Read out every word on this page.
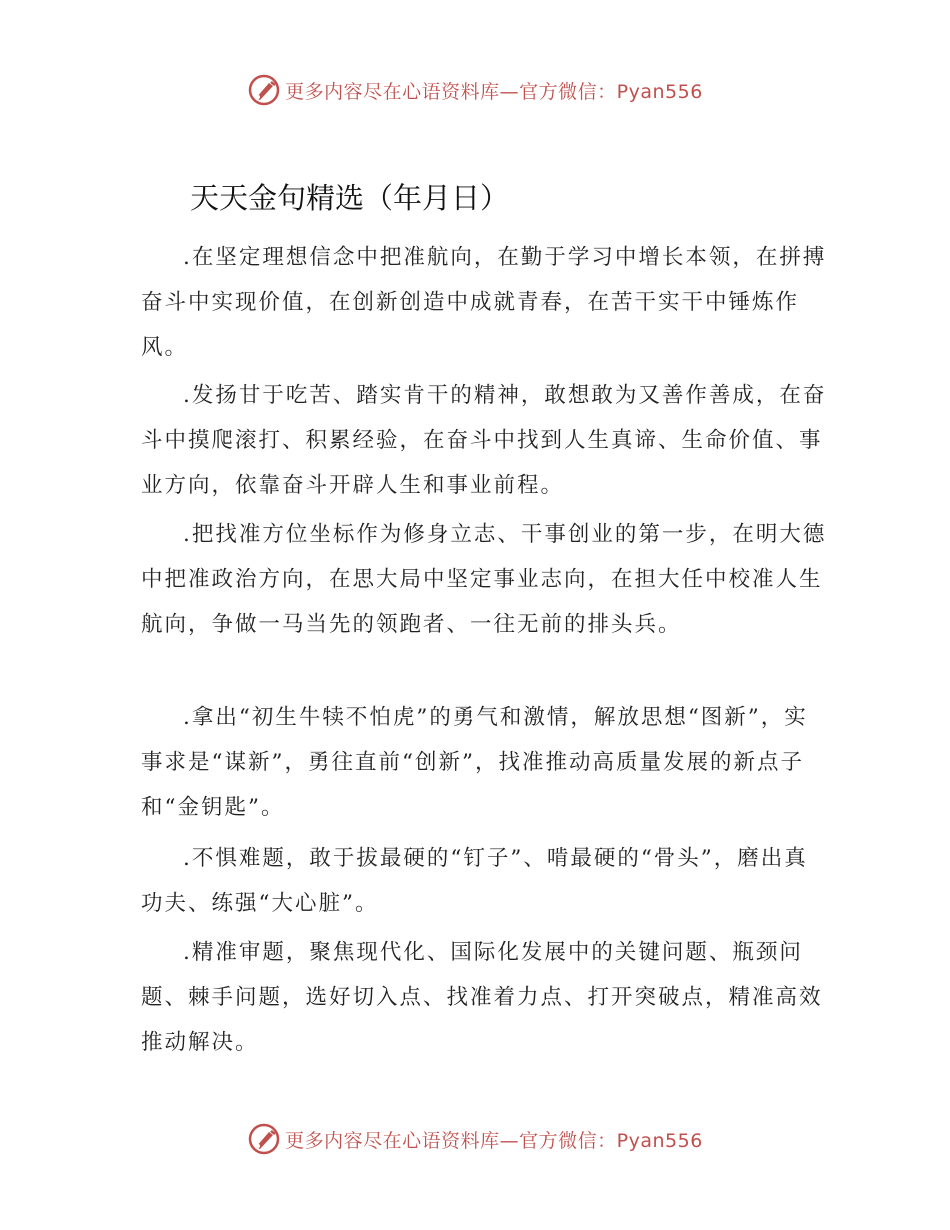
更多内容尽在心语资料库—官方微信：Pyan556
天天金句精选（年月日）

.在坚定理想信念中把准航向，在勤于学习中增长本领，在拼搏奋斗中实现价值，在创新创造中成就青春，在苦干实干中锤炼作风。

.发扬甘于吃苦、踏实肯干的精神，敢想敢为又善作善成，在奋斗中摸爬滚打、积累经验，在奋斗中找到人生真谛、生命价值、事业方向，依靠奋斗开辟人生和事业前程。

.把找准方位坐标作为修身立志、干事创业的第一步，在明大德中把准政治方向，在思大局中坚定事业志向，在担大任中校准人生航向，争做一马当先的领跑者、一往无前的排头兵。

.拿出“初生牛犊不怕虎”的勇气和激情，解放思想“图新”，实事求是“谋新”，勇往直前“创新”，找准推动高质量发展的新点子和“金钥匙”。

.不惧难题，敢于拔最硬的“钉子”、啃最硬的“骨头”，磨出真功夫、练强“大心脏”。

.精准审题，聚焦现代化、国际化发展中的关键问题、瓶颈问题、棘手问题，选好切入点、找准着力点、打开突破点，精准高效推动解决。

更多内容尽在心语资料库—官方微信：Pyan556
